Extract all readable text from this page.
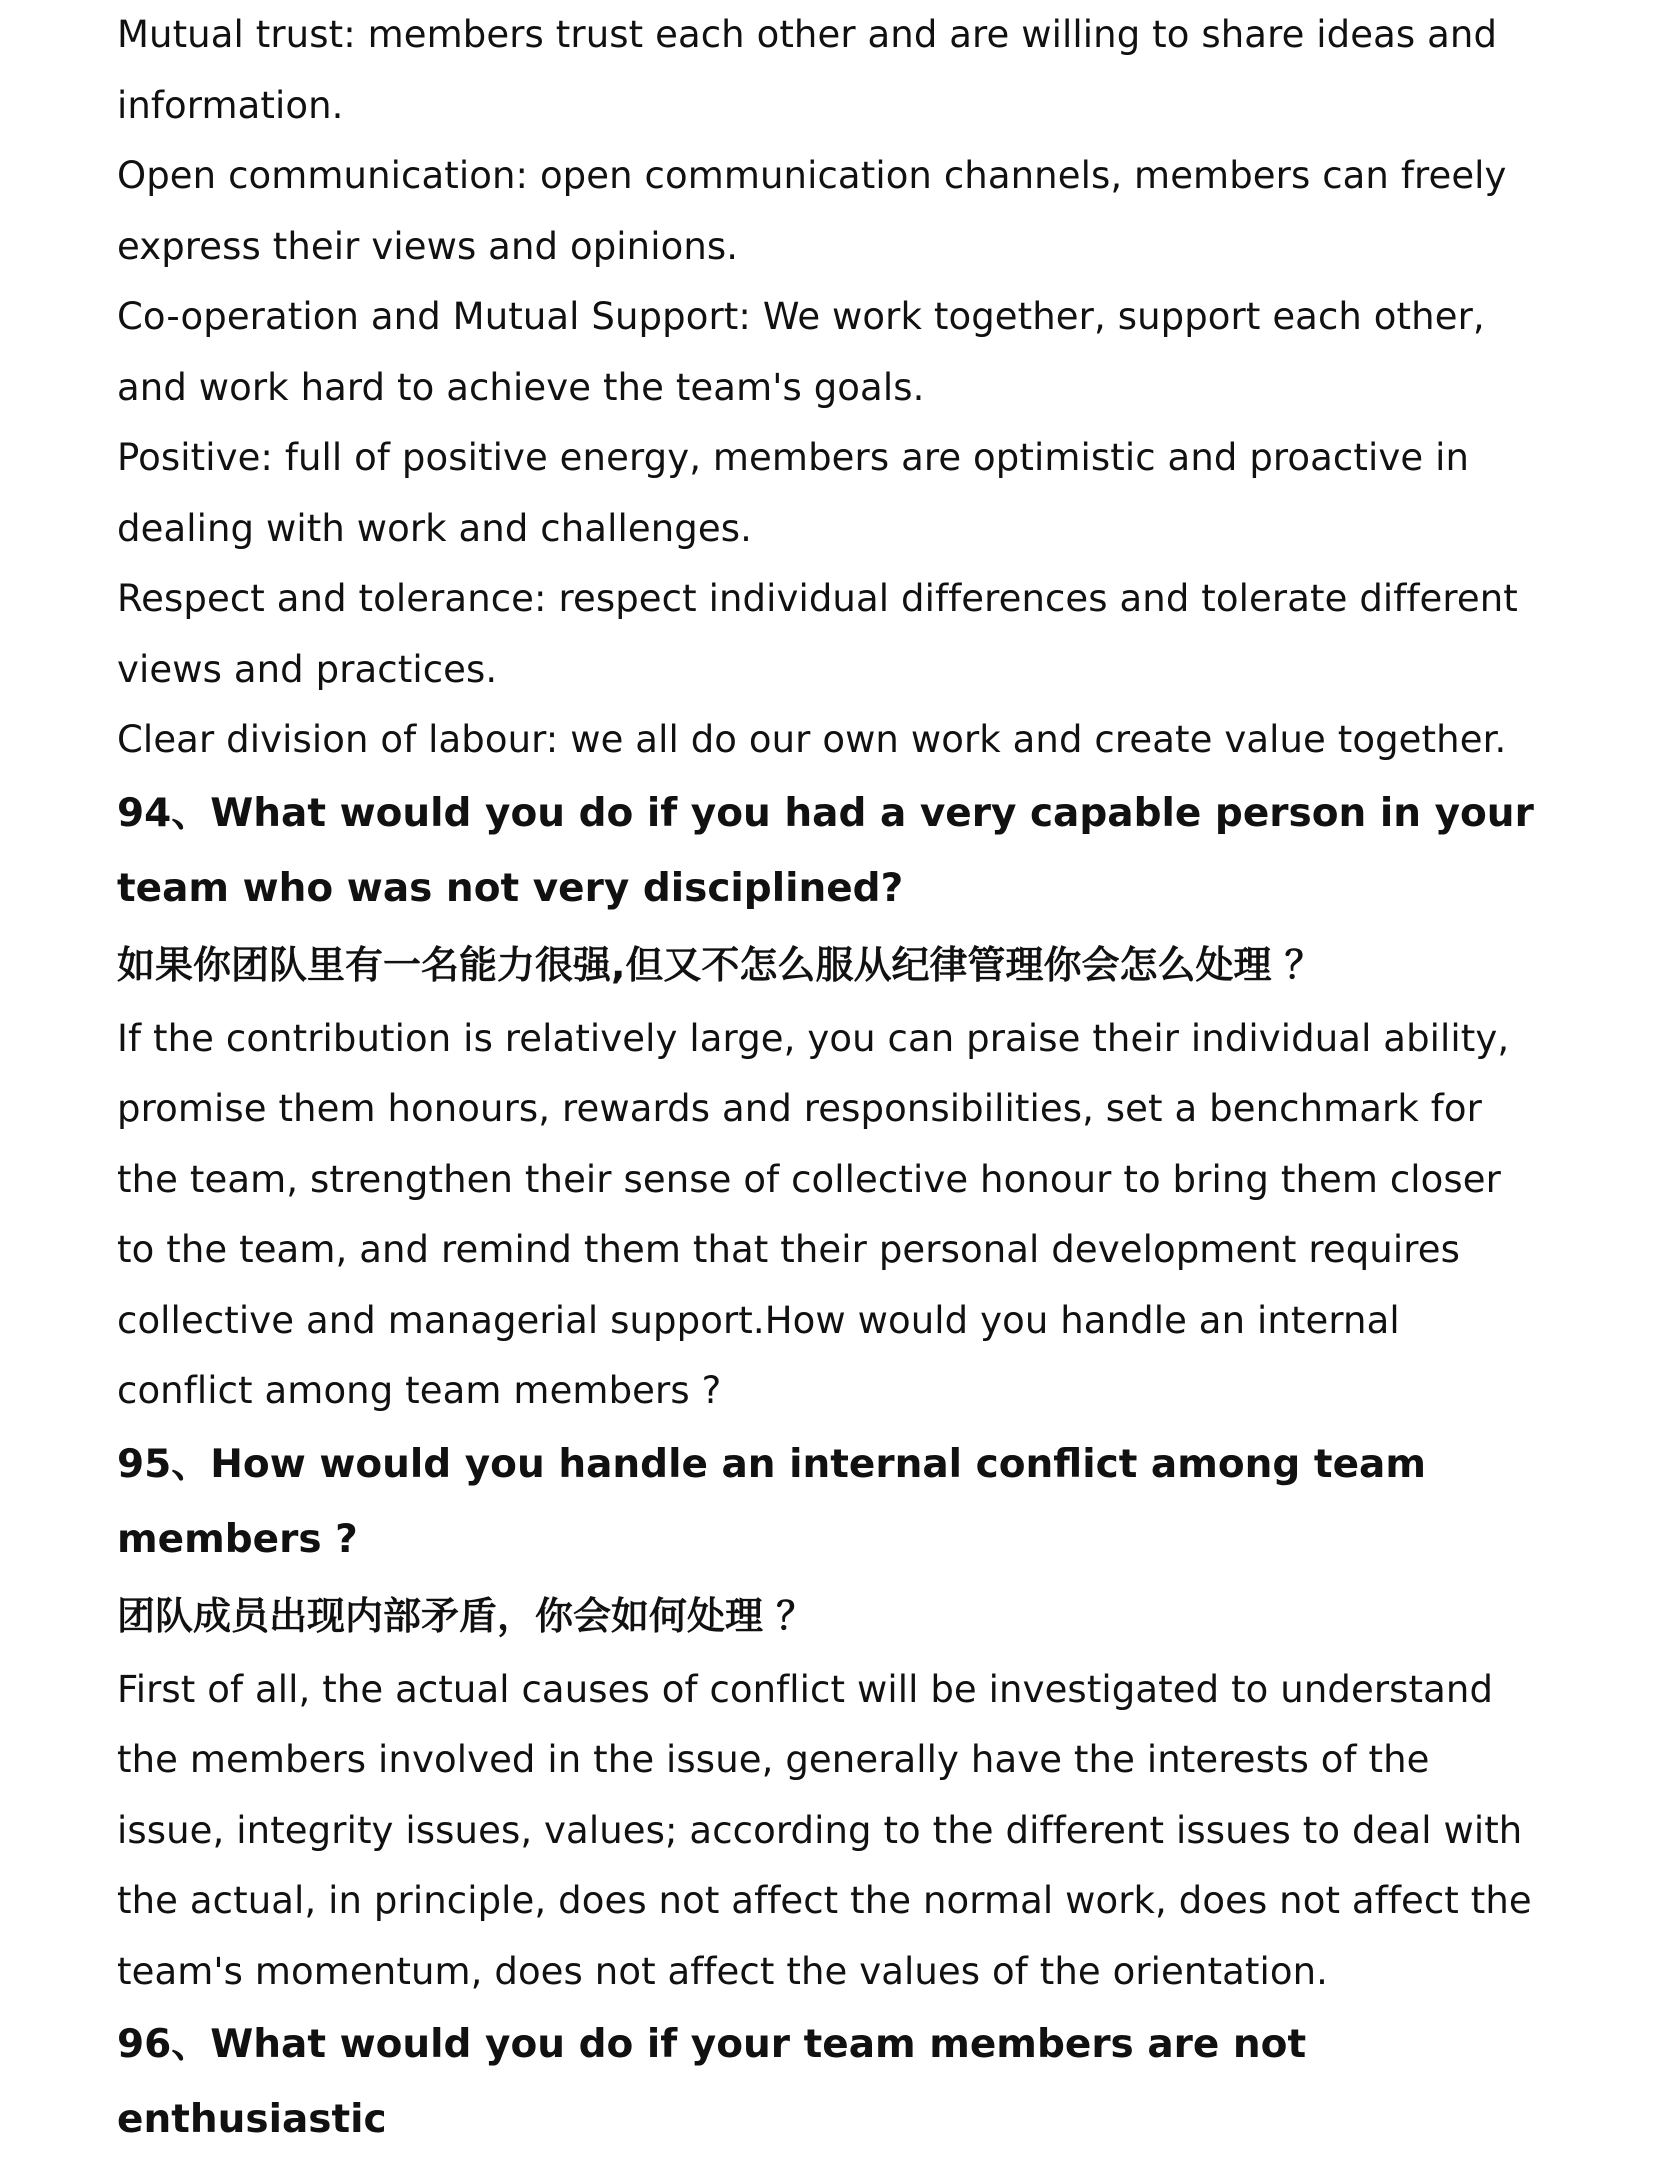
Mutual trust: members trust each other and are willing to share ideas and information.

Open communication: open communication channels, members can freely express their views and opinions.

Co-operation and Mutual Support: We work together, support each other, and work hard to achieve the team's goals.

Positive: full of positive energy, members are optimistic and proactive in dealing with work and challenges.

Respect and tolerance: respect individual differences and tolerate different views and practices.

Clear division of labour: we all do our own work and create value together.

94、What would you do if you had a very capable person in your team who was not very disciplined?
如果你团队里有一名能力很强,但又不怎么服从纪律管理你会怎么处理 ？

If the contribution is relatively large, you can praise their individual ability, promise them honours, rewards and responsibilities, set a benchmark for the team, strengthen their sense of collective honour to bring them closer to the team, and remind them that their personal development requires collective and managerial support.How would you handle an internal conflict among team members ?

95、How would you handle an internal conflict among team members ?
团队成员出现内部矛盾，你会如何处理 ？

First of all, the actual causes of conflict will be investigated to understand the members involved in the issue, generally have the interests of the issue, integrity issues, values; according to the different issues to deal with the actual, in principle, does not affect the normal work, does not affect the team's momentum, does not affect the values of the orientation.

96、What would you do if your team members are not enthusiastic
